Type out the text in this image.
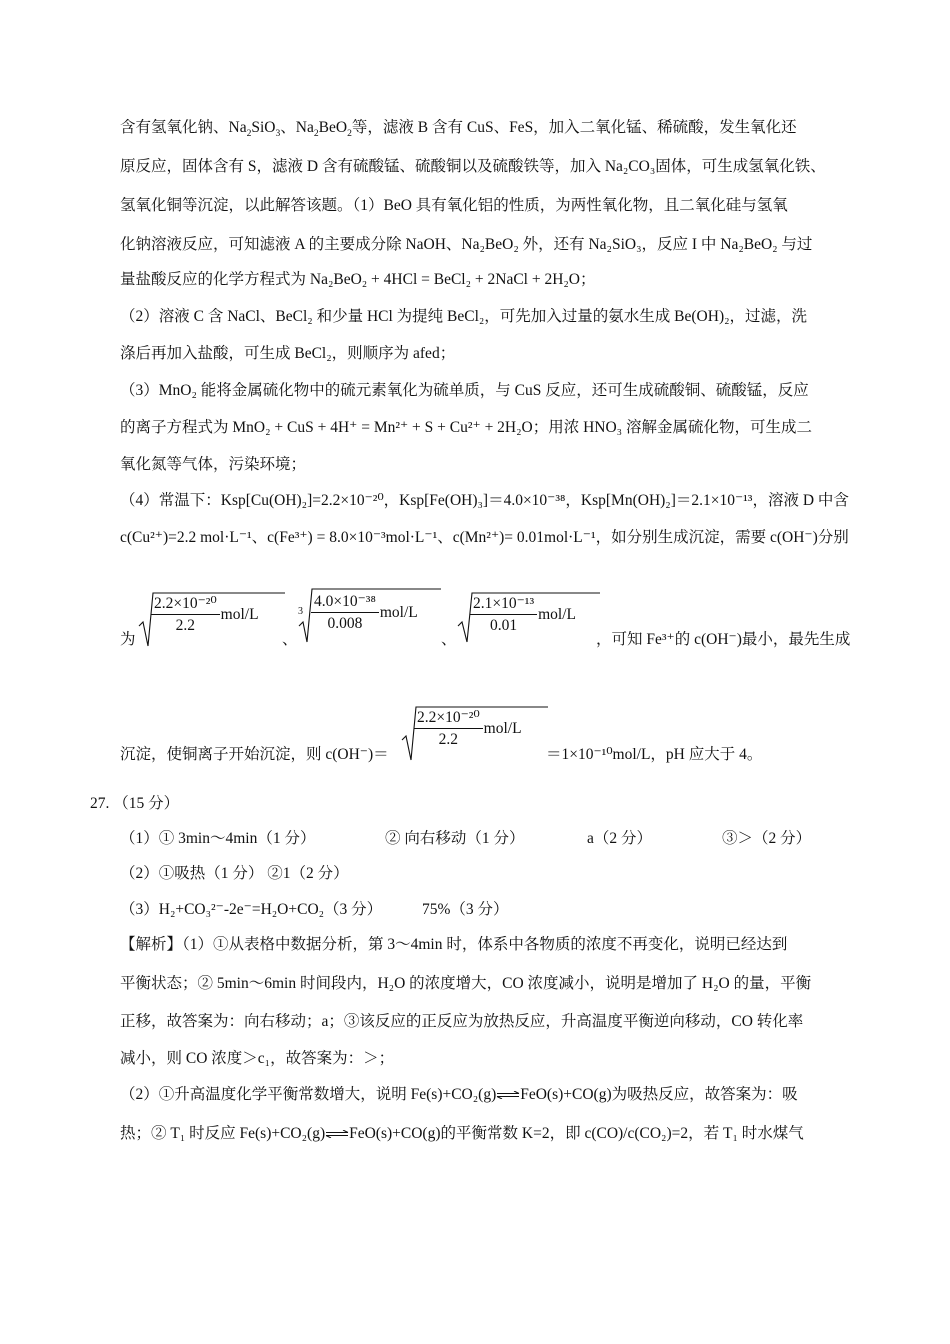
含有氢氧化钠、$Na_2SiO_3$、$Na_2BeO_2$等，滤液 B 含有 CuS、FeS，加入二氧化锰、稀硫酸，发生氧化还
原反应，固体含有 S，滤液 D 含有硫酸锰、硫酸铜以及硫酸铁等，加入 Na₂CO₃固体，可生成氢氧化铁、
氢氧化铜等沉淀，以此解答该题。（1）BeO 具有氧化铝的性质，为两性氧化物，且二氧化硅与氢氧
化钠溶液反应，可知滤液 A 的主要成分除 NaOH、Na₂BeO₂ 外，还有 Na₂SiO₃，反应 I 中 Na₂BeO₂ 与过
量盐酸反应的化学方程式为 Na₂BeO₂ + 4HCl = BeCl₂ + 2NaCl + 2H₂O；
（2）溶液 C 含 NaCl、BeCl₂ 和少量 HCl 为提纯 BeCl₂，可先加入过量的氨水生成 Be(OH)₂，过滤，洗
涤后再加入盐酸，可生成 BeCl₂，则顺序为 afed；
（3）MnO₂ 能将金属硫化物中的硫元素氧化为硫单质，与 CuS 反应，还可生成硫酸铜、硫酸锰，反应
的离子方程式为 MnO₂ + CuS + 4H⁺ = Mn²⁺ + S + Cu²⁺ + 2H₂O；用浓 HNO₃ 溶解金属硫化物，可生成二
氧化氮等气体，污染环境；
（4）常温下：Ksp[Cu(OH)₂]=2.2×10⁻²⁰，Ksp[Fe(OH)₃]＝4.0×10⁻³⁸，Ksp[Mn(OH)₂]＝2.1×10⁻¹³，溶液 D 中含
c(Cu²⁺)=2.2 mol·L⁻¹、c(Fe³⁺) = 8.0×10⁻³mol·L⁻¹、c(Mn²⁺)= 0.01mol·L⁻¹，如分别生成沉淀，需要 c(OH⁻)分别
为
$\frac{\text{2.2×10⁻²⁰}}{2.2} mol/L$
、
$3 \frac{\text{4.0×10⁻³⁸}}{0.008} mol/L$
、
$\frac{\text{2.1×10⁻¹³}}{0.01} mol/L$
，可知 Fe³⁺的 c(OH⁻)最小，最先生成
沉淀，使铜离子开始沉淀，则 c(OH⁻)＝
$\frac{\text{2.2×10⁻²⁰}}{2.2} mol/L$
＝1×10⁻¹⁰mol/L，pH 应大于 4。
27. （15 分）
（1）① 3min～4min（1 分）	② 向右移动（1 分）	a（2 分）	③＞（2 分）
（2）①吸热（1 分） ②1（2 分）
（3）H₂+CO₃²⁻-2e⁻=H₂O+CO₂（3 分）	75%（3 分）
【解析】（1）①从表格中数据分析，第 3～4min 时，体系中各物质的浓度不再变化，说明已经达到
平衡状态；② 5min～6min 时间段内，H₂O 的浓度增大，CO 浓度减小，说明是增加了 H₂O 的量，平衡
正移，故答案为：向右移动；a；③该反应的正反应为放热反应，升高温度平衡逆向移动，CO 转化率
减小，则 CO 浓度＞c₁，故答案为：＞；
（2）①升高温度化学平衡常数增大，说明 Fe(s)+CO₂(g)⇌FeO(s)+CO(g)为吸热反应，故答案为：吸
热；② T₁ 时反应 Fe(s)+CO₂(g)⇌FeO(s)+CO(g)的平衡常数 K=2，即 c(CO)/c(CO₂)=2，若 T₁ 时水煤气
